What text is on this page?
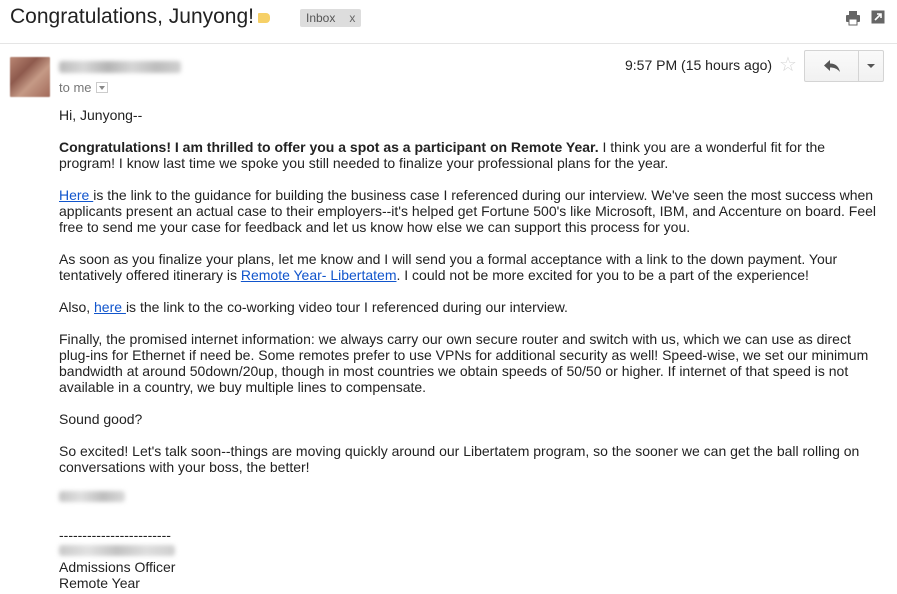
Congratulations, Junyong!	Inbox x
to me
9:57 PM (15 hours ago) ☆

Hi, Junyong--

Congratulations! I am thrilled to offer you a spot as a participant on Remote Year. I think you are a wonderful fit for the program! I know last time we spoke you still needed to finalize your professional plans for the year.

Here is the link to the guidance for building the business case I referenced during our interview. We've seen the most success when applicants present an actual case to their employers--it's helped get Fortune 500's like Microsoft, IBM, and Accenture on board. Feel free to send me your case for feedback and let us know how else we can support this process for you.

As soon as you finalize your plans, let me know and I will send you a formal acceptance with a link to the down payment. Your tentatively offered itinerary is Remote Year- Libertatem. I could not be more excited for you to be a part of the experience!

Also, here is the link to the co-working video tour I referenced during our interview.

Finally, the promised internet information: we always carry our own secure router and switch with us, which we can use as direct plug-ins for Ethernet if need be. Some remotes prefer to use VPNs for additional security as well! Speed-wise, we set our minimum bandwidth at around 50down/20up, though in most countries we obtain speeds of 50/50 or higher. If internet of that speed is not available in a country, we buy multiple lines to compensate.

Sound good?

So excited! Let's talk soon--things are moving quickly around our Libertatem program, so the sooner we can get the ball rolling on conversations with your boss, the better!

------------------------
Admissions Officer
Remote Year
